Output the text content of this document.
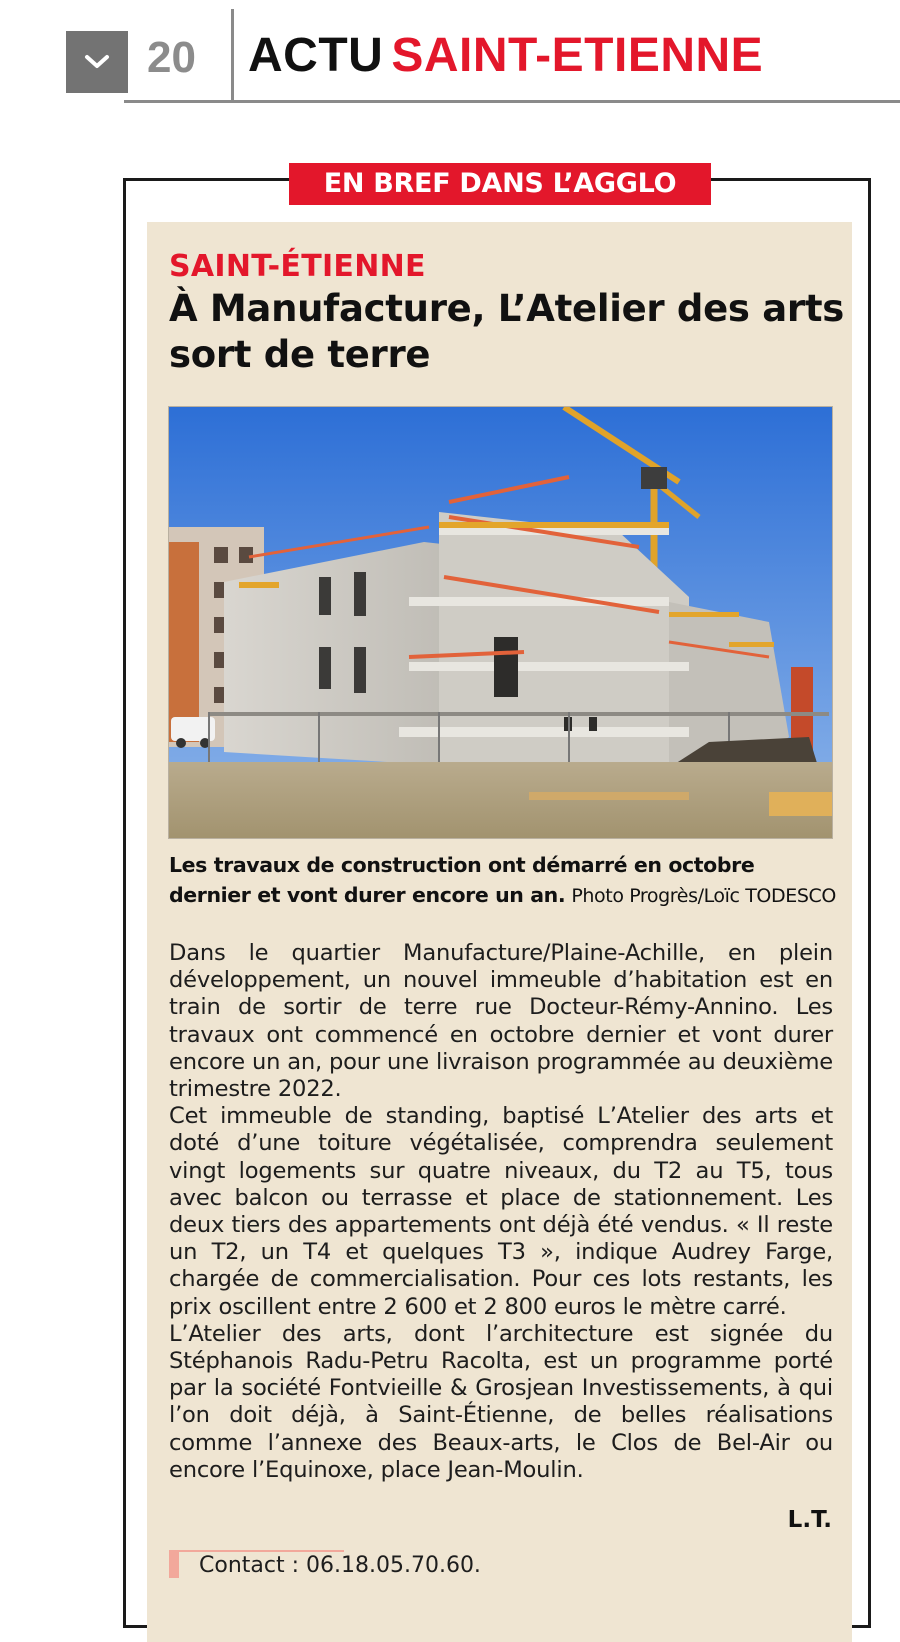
20 ACTU SAINT-ETIENNE
EN BREF DANS L’AGGLO
SAINT-ÉTIENNE
À Manufacture, L’Atelier des arts sort de terre
Les travaux de construction ont démarré en octobre dernier et vont durer encore un an. Photo Progrès/Loïc TODESCO

Dans le quartier Manufacture/Plaine-Achille, en plein développement, un nouvel immeuble d’habitation est en train de sortir de terre rue Docteur-Rémy-Annino. Les travaux ont commencé en octobre dernier et vont durer encore un an, pour une livraison programmée au deuxième trimestre 2022.

Cet immeuble de standing, baptisé L’Atelier des arts et doté d’une toiture végétalisée, comprendra seulement vingt logements sur quatre niveaux, du T2 au T5, tous avec balcon ou terrasse et place de stationnement. Les deux tiers des appartements ont déjà été vendus. « Il reste un T2, un T4 et quelques T3 », indique Audrey Farge, chargée de commercialisation. Pour ces lots restants, les prix oscillent entre 2 600 et 2 800 euros le mètre carré.

L’Atelier des arts, dont l’architecture est signée du Stéphanois Radu-Petru Racolta, est un programme porté par la société Fontvieille & Grosjean Investissements, à qui l’on doit déjà, à Saint-Étienne, de belles réalisations comme l’annexe des Beaux-arts, le Clos de Bel-Air ou encore l’Equinoxe, place Jean-Moulin.

L.T.
Contact : 06.18.05.70.60.
